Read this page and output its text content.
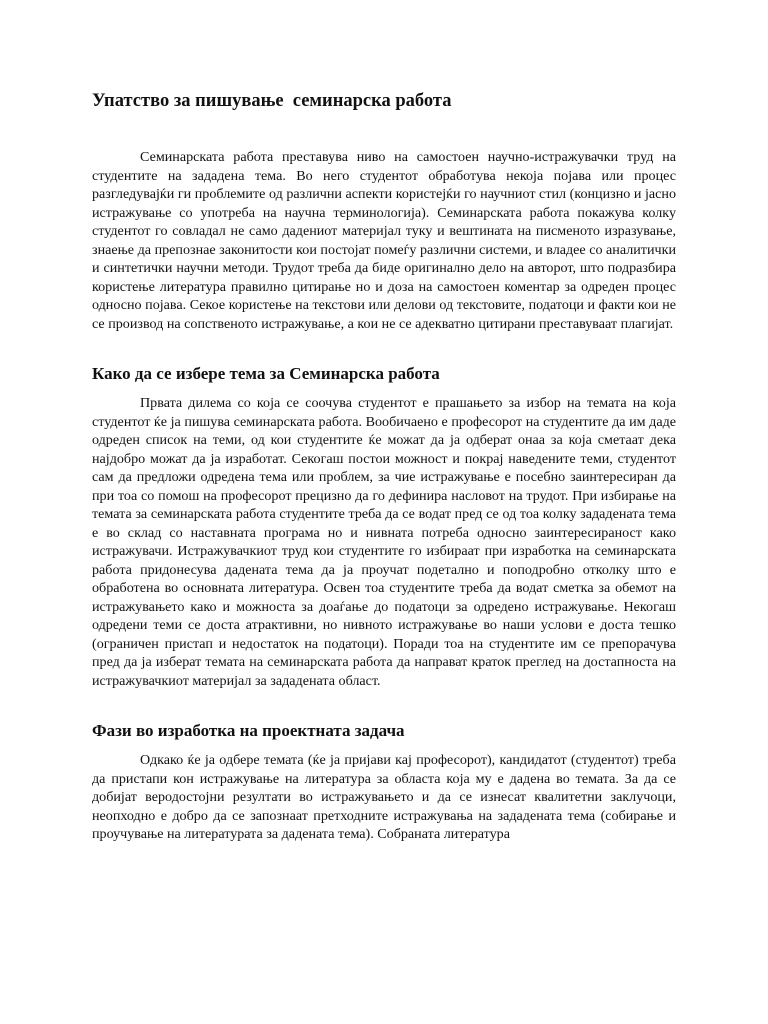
Упатство за пишување  семинарска работа

Семинарската работа преставува ниво на самостоен научно-истражувачки труд на студентите на зададена тема. Во него студентот обработува некоја појава или процес разгледувајќи ги проблемите од различни аспекти користејќи го научниот стил (концизно и јасно истражување со употреба на научна терминологија). Семинарската работа покажува колку студентот го совладал не само дадениот материјал туку и вештината на писменото изразување, знаење да препознае законитости кои постојат помеѓу различни системи, и владее со аналитички и синтетички научни методи. Трудот треба да биде оригинално дело на авторот, што подразбира користење литература правилно цитирање но и доза на самостоен коментар за одреден процес односно појава. Секое користење на текстови или делови од текстовите, податоци и факти кои не се производ на сопственото истражување, а кои не се адекватно цитирани преставуваат плагијат.

Како да се избере тема за Семинарска работа

Првата дилема со која се соочува студентот е прашањето за избор на темата на која студентот ќе ја пишува семинарската работа. Вообичаено е професорот на студентите да им даде одреден список на теми, од кои студентите ќе можат да ја одберат онаа за која сметаат дека најдобро можат да ја изработат. Секогаш постои можност и покрај наведените теми, студентот сам да предложи одредена тема или проблем, за чие истражување е посебно заинтересиран да при тоа со помош на професорот прецизно да го дефинира насловот на трудот. При избирање на темата за семинарската работа студентите треба да се водат пред се од тоа колку зададената тема е во склад со наставната програма но и нивната потреба односно заинтересираност како истражувачи. Истражувачкиот труд кои студентите го избираат при изработка на семинарската работа придонесува дадената тема да ја проучат подетално и поподробно отколку што е обработена во основната литература. Освен тоа студентите треба да водат сметка за обемот на истражувањето како и можноста за доаѓање до податоци за одредено истражување. Некогаш одредени теми се доста атрактивни, но нивното истражување во наши услови е доста тешко (ограничен пристап и недостаток на податоци). Поради тоа на студентите им се препорачува пред да ја изберат темата на семинарската работа да направат краток преглед на достапноста на истражувачкиот материјал за зададената област.

Фази во изработка на проектната задача

Одкако ќе ја одбере темата (ќе ја пријави кај професорот), кандидатот (студентот) треба да пристапи кон истражување на литература за областа која му е дадена во темата. За да се добијат веродостојни резултати во истражувањето и да се изнесат квалитетни заклучоци, неопходно е добро да се запознаат претходните истражувања на зададената тема (собирање и проучување на литературата за дадената тема). Собраната литература
